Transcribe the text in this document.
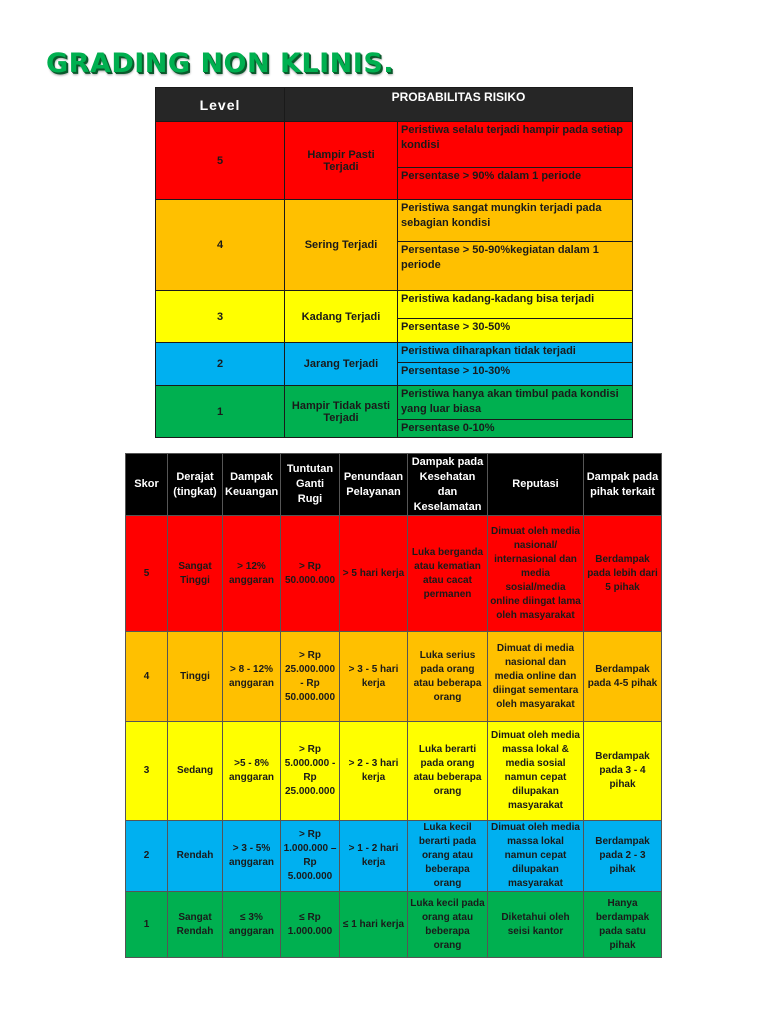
GRADING NON KLINIS.
Level	PROBABILITAS RISIKO	
5	Hampir Pasti Terjadi	Peristiwa selalu terjadi hampir pada setiap kondisi
		Persentase > 90% dalam 1 periode
4	Sering Terjadi	Peristiwa sangat mungkin terjadi pada sebagian kondisi
		Persentase > 50-90%kegiatan dalam 1 periode
3	Kadang Terjadi	Peristiwa kadang-kadang bisa terjadi
		Persentase > 30-50%
2	Jarang Terjadi	Peristiwa diharapkan tidak terjadi
		Persentase > 10-30%
1	Hampir Tidak pasti Terjadi	Peristiwa hanya akan timbul pada kondisi yang luar biasa
		Persentase 0-10%
Skor	Derajat (tingkat)	Dampak Keuangan	Tuntutan Ganti Rugi	Penundaan Pelayanan	Dampak pada Kesehatan dan Keselamatan	Reputasi	Dampak pada pihak terkait
5	Sangat Tinggi	> 12% anggaran	> Rp 50.000.000	> 5 hari kerja	Luka berganda atau kematian atau cacat permanen	Dimuat oleh media nasional/ internasional dan media sosial/media online diingat lama oleh masyarakat	Berdampak pada lebih dari 5 pihak
4	Tinggi	> 8 - 12% anggaran	> Rp 25.000.000 - Rp 50.000.000	> 3 - 5 hari kerja	Luka serius pada orang atau beberapa orang	Dimuat di media nasional dan media online dan diingat sementara oleh masyarakat	Berdampak pada 4-5 pihak
3	Sedang	>5 - 8% anggaran	> Rp 5.000.000 - Rp 25.000.000	> 2 - 3 hari kerja	Luka berarti pada orang atau beberapa orang	Dimuat oleh media massa lokal & media sosial namun cepat dilupakan masyarakat	Berdampak pada 3 - 4 pihak
2	Rendah	> 3 - 5% anggaran	> Rp 1.000.000 – Rp 5.000.000	> 1 - 2 hari kerja	Luka kecil berarti pada orang atau beberapa orang	Dimuat oleh media massa lokal namun cepat dilupakan masyarakat	Berdampak pada 2 - 3 pihak
1	Sangat Rendah	≤ 3% anggaran	≤ Rp 1.000.000	≤ 1 hari kerja	Luka kecil pada orang atau beberapa orang	Diketahui oleh seisi kantor	Hanya berdampak pada satu pihak
